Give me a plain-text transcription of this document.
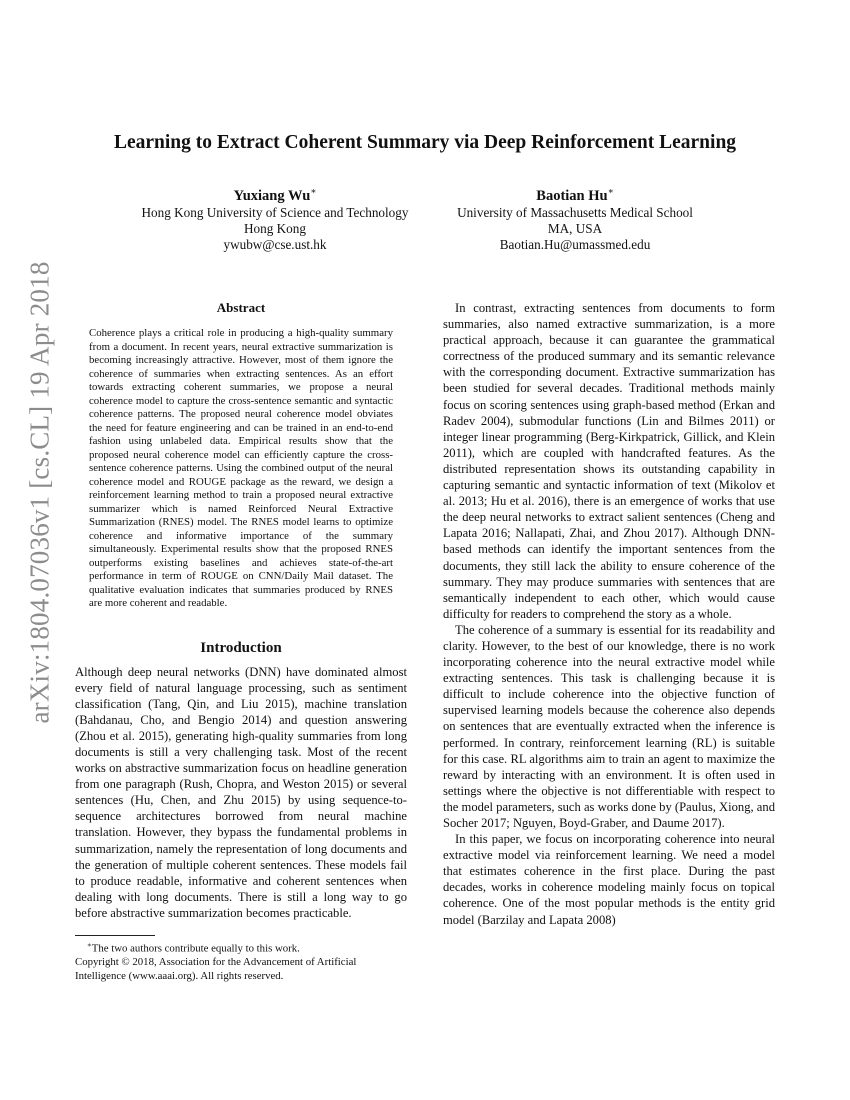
arXiv:1804.07036v1 [cs.CL] 19 Apr 2018
Learning to Extract Coherent Summary via Deep Reinforcement Learning
Yuxiang Wu∗
Hong Kong University of Science and Technology
Hong Kong
ywubw@cse.ust.hk
Baotian Hu∗
University of Massachusetts Medical School
MA, USA
Baotian.Hu@umassmed.edu
Abstract

Coherence plays a critical role in producing a high-quality summary from a document. In recent years, neural extractive summarization is becoming increasingly attractive. However, most of them ignore the coherence of summaries when extracting sentences. As an effort towards extracting coherent summaries, we propose a neural coherence model to capture the cross-sentence semantic and syntactic coherence patterns. The proposed neural coherence model obviates the need for feature engineering and can be trained in an end-to-end fashion using unlabeled data. Empirical results show that the proposed neural coherence model can efficiently capture the cross-sentence coherence patterns. Using the combined output of the neural coherence model and ROUGE package as the reward, we design a reinforcement learning method to train a proposed neural extractive summarizer which is named Reinforced Neural Extractive Summarization (RNES) model. The RNES model learns to optimize coherence and informative importance of the summary simultaneously. Experimental results show that the proposed RNES outperforms existing baselines and achieves state-of-the-art performance in term of ROUGE on CNN/Daily Mail dataset. The qualitative evaluation indicates that summaries produced by RNES are more coherent and readable.

Introduction

Although deep neural networks (DNN) have dominated almost every field of natural language processing, such as sentiment classification (Tang, Qin, and Liu 2015), machine translation (Bahdanau, Cho, and Bengio 2014) and question answering (Zhou et al. 2015), generating high-quality summaries from long documents is still a very challenging task. Most of the recent works on abstractive summarization focus on headline generation from one paragraph (Rush, Chopra, and Weston 2015) or several sentences (Hu, Chen, and Zhu 2015) by using sequence-to-sequence architectures borrowed from neural machine translation. However, they bypass the fundamental problems in summarization, namely the representation of long documents and the generation of multiple coherent sentences. These models fail to produce readable, informative and coherent sentences when dealing with long documents. There is still a long way to go before abstractive summarization becomes practicable.

In contrast, extracting sentences from documents to form summaries, also named extractive summarization, is a more practical approach, because it can guarantee the grammatical correctness of the produced summary and its semantic relevance with the corresponding document. Extractive summarization has been studied for several decades. Traditional methods mainly focus on scoring sentences using graph-based method (Erkan and Radev 2004), submodular functions (Lin and Bilmes 2011) or integer linear programming (Berg-Kirkpatrick, Gillick, and Klein 2011), which are coupled with handcrafted features. As the distributed representation shows its outstanding capability in capturing semantic and syntactic information of text (Mikolov et al. 2013; Hu et al. 2016), there is an emergence of works that use the deep neural networks to extract salient sentences (Cheng and Lapata 2016; Nallapati, Zhai, and Zhou 2017). Although DNN-based methods can identify the important sentences from the documents, they still lack the ability to ensure coherence of the summary. They may produce summaries with sentences that are semantically independent to each other, which would cause difficulty for readers to comprehend the story as a whole.

The coherence of a summary is essential for its readability and clarity. However, to the best of our knowledge, there is no work incorporating coherence into the neural extractive model while extracting sentences. This task is challenging because it is difficult to include coherence into the objective function of supervised learning models because the coherence also depends on sentences that are eventually extracted when the inference is performed. In contrary, reinforcement learning (RL) is suitable for this case. RL algorithms aim to train an agent to maximize the reward by interacting with an environment. It is often used in settings where the objective is not differentiable with respect to the model parameters, such as works done by (Paulus, Xiong, and Socher 2017; Nguyen, Boyd-Graber, and Daume 2017).

In this paper, we focus on incorporating coherence into neural extractive model via reinforcement learning. We need a model that estimates coherence in the first place. During the past decades, works in coherence modeling mainly focus on topical coherence. One of the most popular methods is the entity grid model (Barzilay and Lapata 2008)

∗The two authors contribute equally to this work.

Copyright © 2018, Association for the Advancement of Artificial Intelligence (www.aaai.org). All rights reserved.
